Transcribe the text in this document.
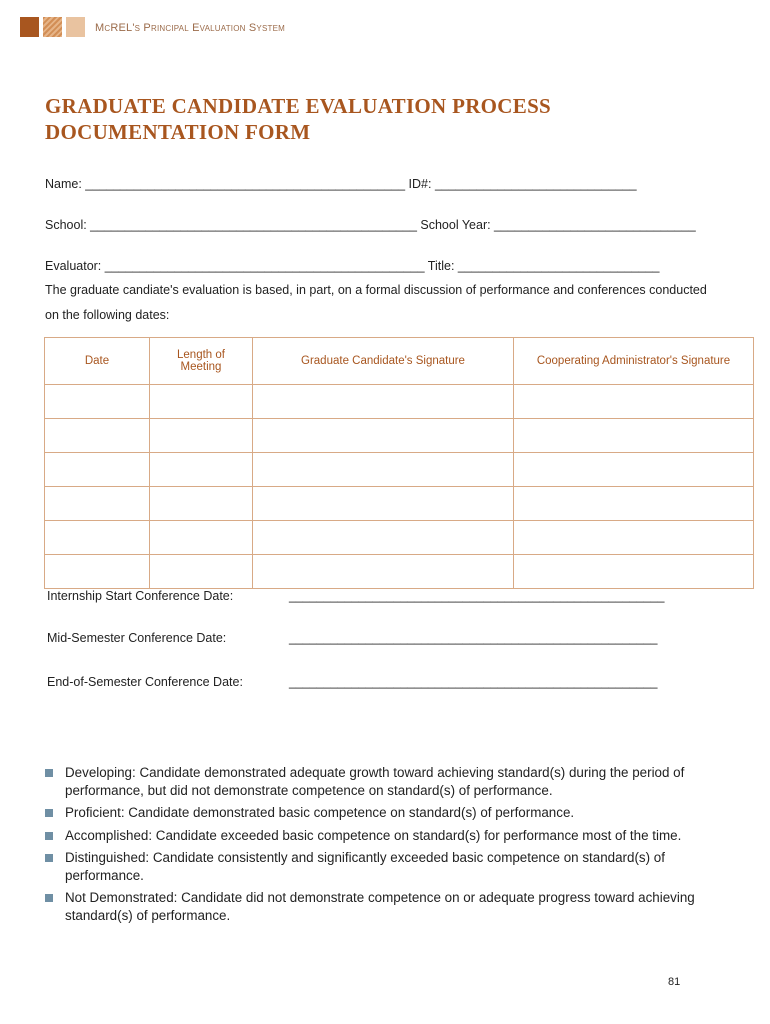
McREL's Principal Evaluation System
GRADUATE CANDIDATE EVALUATION PROCESS
DOCUMENTATION FORM
Name: ______________________________________________ ID#: _____________________________
School: _______________________________________________ School Year: _____________________________
Evaluator: ______________________________________________ Title: _____________________________
The graduate candiate's evaluation is based, in part, on a formal discussion of performance and conferences conducted
on the following dates:
Date	Length of Meeting	Graduate Candidate's Signature	Cooperating Administrator's Signature

Internship Start Conference Date:	______________________________________________________
Mid-Semester Conference Date:	_____________________________________________________
End-of-Semester Conference Date:	_____________________________________________________
Developing: Candidate demonstrated adequate growth toward achieving standard(s) during the period of performance, but did not demonstrate competence on standard(s) of performance.
Proficient: Candidate demonstrated basic competence on standard(s) of performance.
Accomplished: Candidate exceeded basic competence on standard(s) for performance most of the time.
Distinguished: Candidate consistently and significantly exceeded basic competence on standard(s) of performance.
Not Demonstrated: Candidate did not demonstrate competence on or adequate progress toward achieving standard(s) of performance.
81
